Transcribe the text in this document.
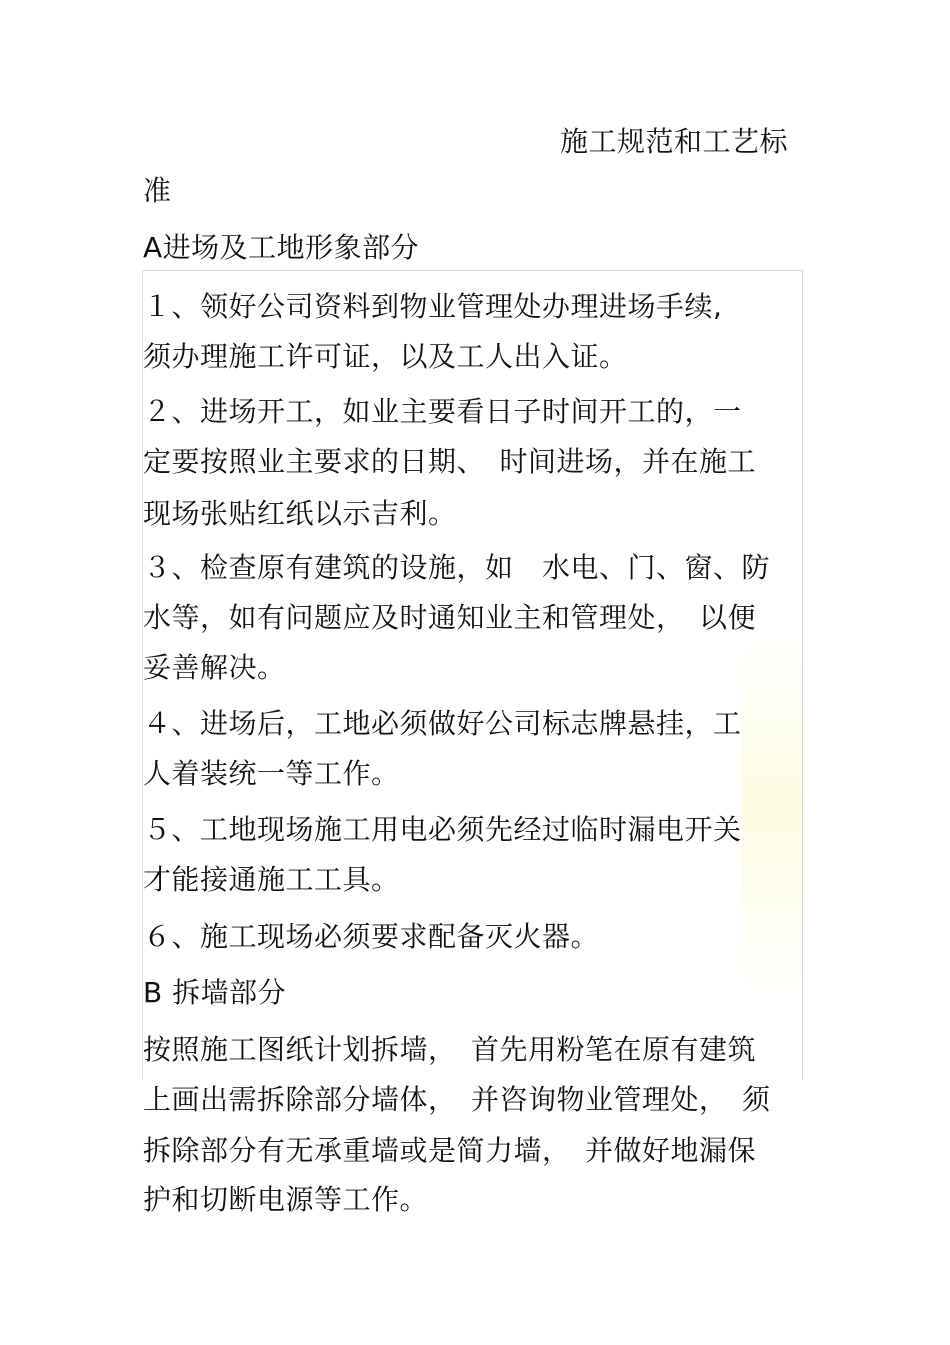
施工规范和工艺标
准
A进场及工地形象部分
１、领好公司资料到物业管理处办理进场手续,
须办理施工许可证，以及工人出入证。
２、进场开工，如业主要看日子时间开工的，一
定要按照业主要求的日期、　时间进场，并在施工
现场张贴红纸以示吉利。
３、检查原有建筑的设施，如　水电、门、窗、防
水等，如有问题应及时通知业主和管理处，　以便
妥善解决。
４、进场后，工地必须做好公司标志牌悬挂，工
人着装统一等工作。
５、工地现场施工用电必须先经过临时漏电开关
才能接通施工工具。
６、施工现场必须要求配备灭火器。
B 拆墙部分
按照施工图纸计划拆墙，　首先用粉笔在原有建筑
上画出需拆除部分墙体，　并咨询物业管理处，　须
拆除部分有无承重墙或是简力墙，　并做好地漏保
护和切断电源等工作。
